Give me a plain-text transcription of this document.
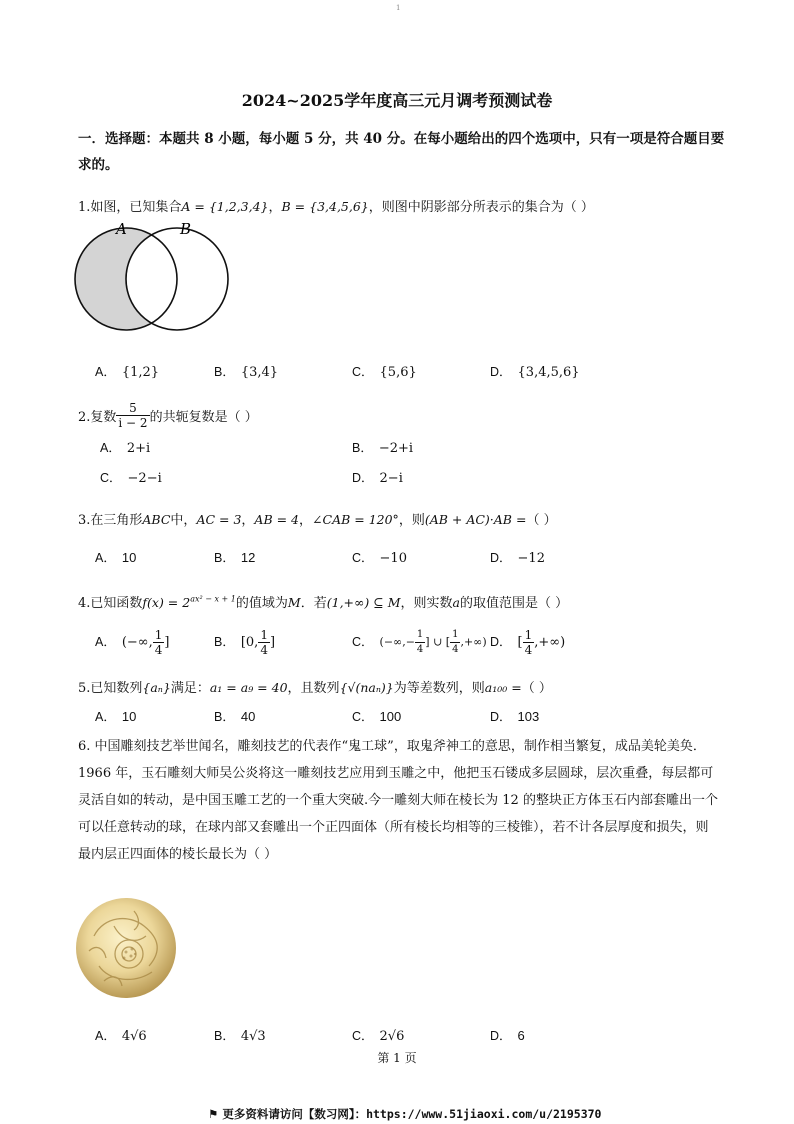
1
2024~2025学年度高三元月调考预测试卷
一．选择题：本题共 8 小题，每小题 5 分，共 40 分。在每小题给出的四个选项中，只有一项是符合题目要求的。
1.如图，已知集合A = {1,2,3,4}，B = {3,4,5,6}，则图中阴影部分所表示的集合为（ ）
A	B
A． {1,2}	B． {3,4}	C． {5,6}	D． {3,4,5,6}
2.复数 $\frac{5}{i - 2}$ 的共轭复数是（ ）
A． 2+i	B． −2+i
C． −2−i	D． 2−i
3.在三角形ABC中，AC = 3，AB = 4，∠CAB = 120°，则(AB + AC)·AB =（ ）
A． 10	B． 12	C． −10	D． −12
4.已知函数$f(x) = 2^{ax^2 - x + 1}$的值域为M．若(1,+∞) ⊆ M，则实数a的取值范围是（ ）
A． (−∞, $\frac{1}{4}$ ]	B． [0, $\frac{1}{4}$ ]	C． (−∞,− $\frac{1}{4}$ ] ∪ [ $\frac{1}{4}$ ,+∞) D． [ $\frac{1}{4}$ ,+∞)
5.已知数列{aₙ}满足：a₁ = a₉ = 40，且数列{√(naₙ)}为等差数列，则a₁₀₀ =（ ）
A． 10	B． 40	C． 100	D． 103
6. 中国雕刻技艺举世闻名，雕刻技艺的代表作“鬼工球”，取鬼斧神工的意思，制作相当繁复，成品美轮美奂．1966 年，玉石雕刻大师吴公炎将这一雕刻技艺应用到玉雕之中，他把玉石镂成多层圆球，层次重叠，每层都可灵活自如的转动，是中国玉雕工艺的一个重大突破.今一雕刻大师在棱长为 12 的整块正方体玉石内部套雕出一个可以任意转动的球，在球内部又套雕出一个正四面体（所有棱长均相等的三棱锥），若不计各层厚度和损失，则最内层正四面体的棱长最长为（ ）
A． 4√6	B． 4√3	C． 2√6	D． 6
第 1 页
⚑ 更多资料请访问【数习网】：https://www.51jiaoxi.com/u/2195370
